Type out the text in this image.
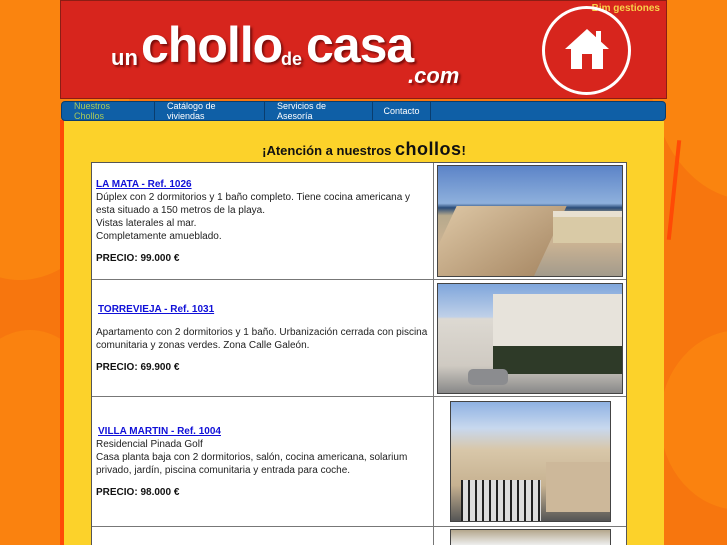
Bim gestiones
un chollo
de casa
.com
Nuestros Chollos
Catálogo de viviendas
Servicios de Asesoría	Contacto
¡Atención a nuestros chollos!
LA MATA - Ref. 1026
Dúplex con 2 dormitorios y 1 baño completo. Tiene cocina americana y esta situado a 150 metros de la playa.
Vistas laterales al mar.
Completamente amueblado.
PRECIO: 99.000 €
TORREVIEJA - Ref. 1031
Apartamento con 2 dormitorios y 1 baño. Urbanización cerrada con piscina comunitaria y zonas verdes. Zona Calle Galeón.
PRECIO: 69.900 €
VILLA MARTIN - Ref. 1004
Residencial Pinada Golf
Casa planta baja con 2 dormitorios, salón, cocina americana, solarium privado, jardín, piscina comunitaria y entrada para coche.
PRECIO: 98.000 €
